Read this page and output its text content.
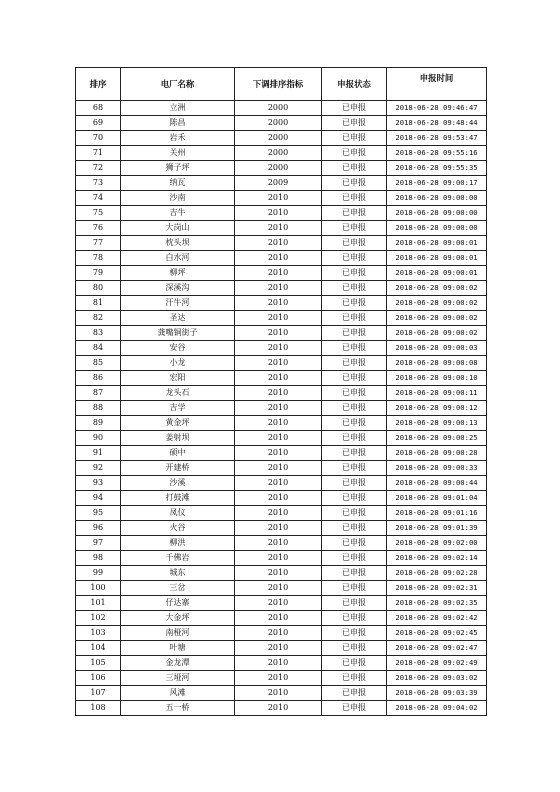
排序	电厂名称	下调排序指标	申报状态	申报时间
68	立洲	2000	已申报	2018-06-28 09:46:47
69	陈昌	2000	已申报	2018-06-28 09:48:44
70	岩禾	2000	已申报	2018-06-28 09:53:47
71	关州	2000	已申报	2018-06-28 09:55:16
72	狮子坪	2000	已申报	2018-06-28 09:55:35
73	纳瓦	2009	已申报	2018-06-28 09:00:17
74	沙南	2010	已申报	2018-06-28 09:00:00
75	吉牛	2010	已申报	2018-06-28 09:00:00
76	大岗山	2010	已申报	2018-06-28 09:00:00
77	枕头坝	2010	已申报	2018-06-28 09:00:01
78	白水河	2010	已申报	2018-06-28 09:00:01
79	柳坪	2010	已申报	2018-06-28 09:00:01
80	深溪沟	2010	已申报	2018-06-28 09:00:02
81	汗牛河	2010	已申报	2018-06-28 09:00:02
82	圣达	2010	已申报	2018-06-28 09:00:02
83	龚嘴铜街子	2010	已申报	2018-06-28 09:00:02
84	安谷	2010	已申报	2018-06-28 09:00:03
85	小龙	2010	已申报	2018-06-28 09:00:08
86	宏阳	2010	已申报	2018-06-28 09:00:10
87	龙头石	2010	已申报	2018-06-28 09:00:11
88	吉学	2010	已申报	2018-06-28 09:00:12
89	黄金坪	2010	已申报	2018-06-28 09:00:13
90	姜射坝	2010	已申报	2018-06-28 09:00:25
91	硕中	2010	已申报	2018-06-28 09:00:28
92	开建桥	2010	已申报	2018-06-28 09:00:33
93	沙溪	2010	已申报	2018-06-28 09:00:44
94	打鼓滩	2010	已申报	2018-06-28 09:01:04
95	凤仪	2010	已申报	2018-06-28 09:01:16
96	火谷	2010	已申报	2018-06-28 09:01:39
97	柳洪	2010	已申报	2018-06-28 09:02:00
98	千佛岩	2010	已申报	2018-06-28 09:02:14
99	城东	2010	已申报	2018-06-28 09:02:28
100	三岔	2010	已申报	2018-06-28 09:02:31
101	仔达寨	2010	已申报	2018-06-28 09:02:35
102	大金坪	2010	已申报	2018-06-28 09:02:42
103	南桠河	2010	已申报	2018-06-28 09:02:45
104	叶塘	2010	已申报	2018-06-28 09:02:47
105	金龙潭	2010	已申报	2018-06-28 09:02:49
106	三垭河	2010	已申报	2018-06-28 09:03:02
107	风滩	2010	已申报	2018-06-28 09:03:39
108	五一桥	2010	已申报	2018-06-28 09:04:02
